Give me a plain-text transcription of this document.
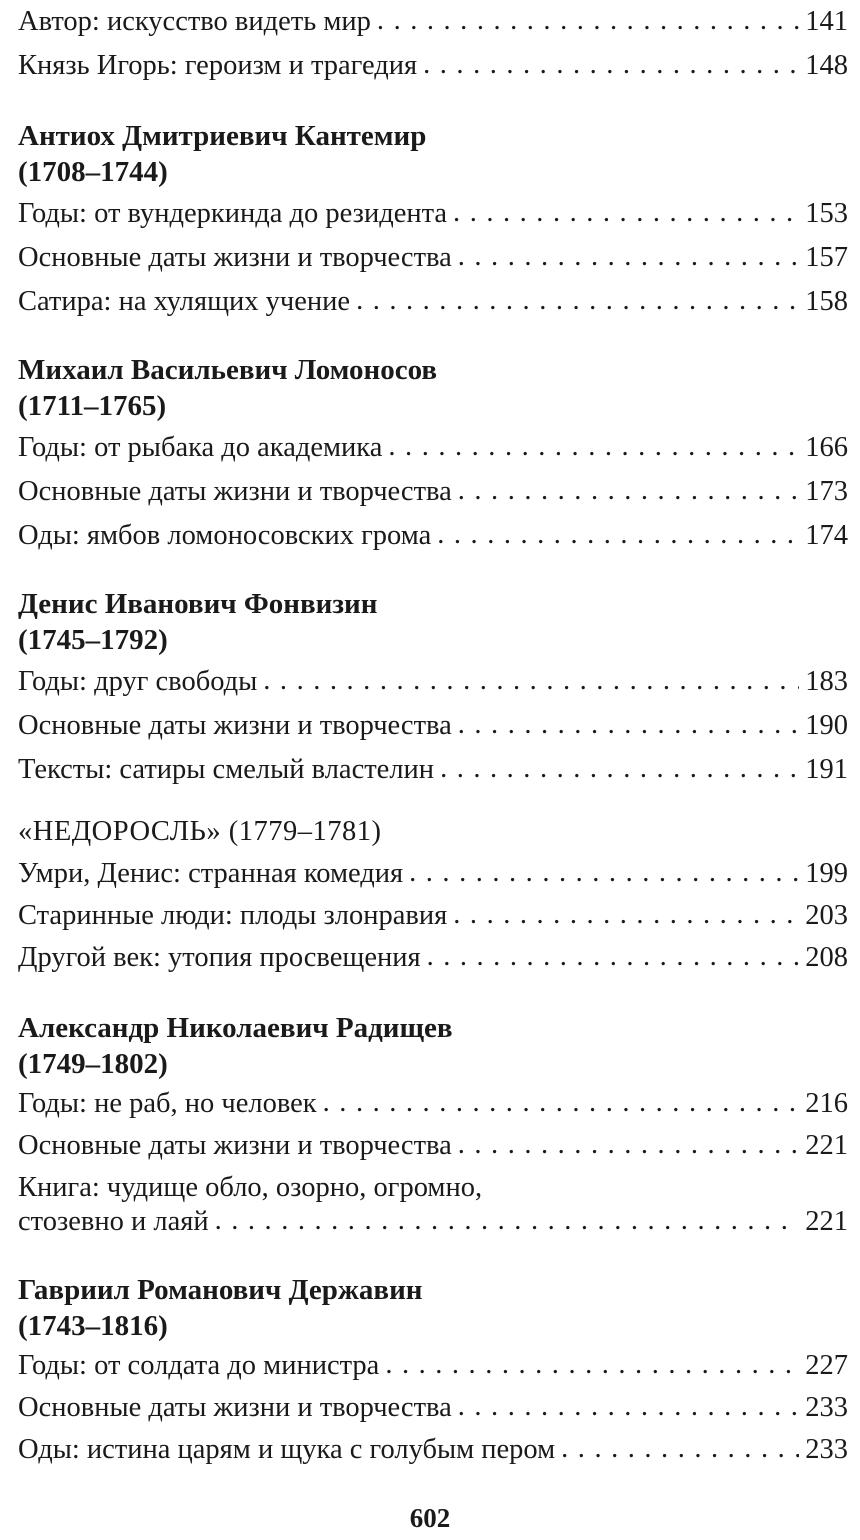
Автор: искусство видеть мир . . .	141
Князь Игорь: героизм и трагедия . . .	148
Антиох Дмитриевич Кантемир
(1708–1744)
Годы: от вундеркинда до резидента . . .	153
Основные даты жизни и творчества . . .	157
Сатира: на хулящих учение . . .	158
Михаил Васильевич Ломоносов
(1711–1765)
Годы: от рыбака до академика . . .	166
Основные даты жизни и творчества . . .	173
Оды: ямбов ломоносовских грома . . .	174
Денис Иванович Фонвизин
(1745–1792)
Годы: друг свободы . . .	183
Основные даты жизни и творчества . . .	190
Тексты: сатиры смелый властелин . . .	191
«НЕДОРОСЛЬ» (1779–1781)
Умри, Денис: странная комедия . . .	199
Старинные люди: плоды злонравия . . .	203
Другой век: утопия просвещения . . .	208
Александр Николаевич Радищев
(1749–1802)
Годы: не раб, но человек . . .	216
Основные даты жизни и творчества . . .	221
Книга: чудище обло, озорно, огромно,
стозевно и лаяй . . .	221
Гавриил Романович Державин
(1743–1816)
Годы: от солдата до министра . . .	227
Основные даты жизни и творчества . . .	233
Оды: истина царям и щука с голубым пером . . .	233
602
